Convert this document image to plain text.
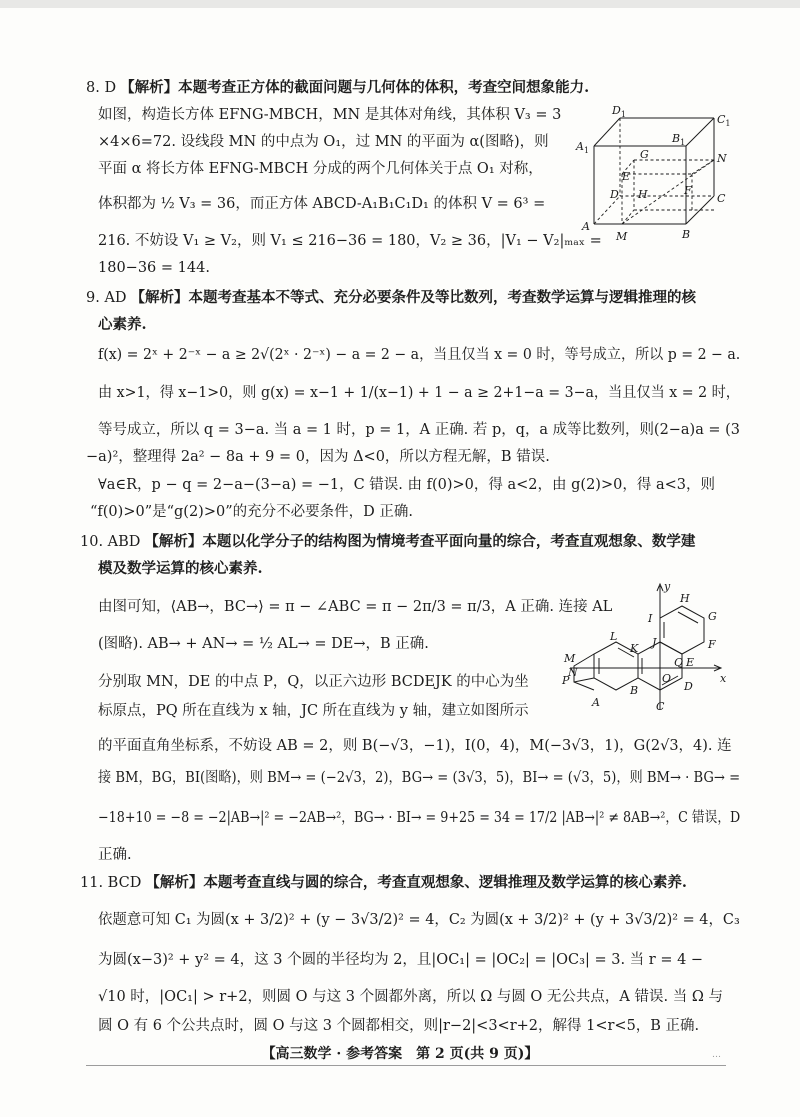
8. D 【解析】本题考查正方体的截面问题与几何体的体积，考查空间想象能力.
如图，构造长方体 EFNG-MBCH，MN 是其体对角线，其体积 V₃ = 3
×4×6=72. 设线段 MN 的中点为 O₁，过 MN 的平面为 α(图略)，则
平面 α 将长方体 EFNG-MBCH 分成的两个几何体关于点 O₁ 对称，
体积都为 ½ V₃ = 36，而正方体 ABCD-A₁B₁C₁D₁ 的体积 V = 6³ =
216. 不妨设 V₁ ≥ V₂，则 V₁ ≤ 216−36 = 180，V₂ ≥ 36，|V₁ − V₂|ₘₐₓ =
180−36 = 144.
9. AD 【解析】本题考查基本不等式、充分必要条件及等比数列，考查数学运算与逻辑推理的核
心素养.
f(x) = 2ˣ + 2⁻ˣ − a ≥ 2√(2ˣ · 2⁻ˣ) − a = 2 − a，当且仅当 x = 0 时，等号成立，所以 p = 2 − a.
由 x>1，得 x−1>0，则 g(x) = x−1 + 1/(x−1) + 1 − a ≥ 2+1−a = 3−a，当且仅当 x = 2 时，
等号成立，所以 q = 3−a. 当 a = 1 时，p = 1，A 正确. 若 p，q，a 成等比数列，则(2−a)a = (3
−a)²，整理得 2a² − 8a + 9 = 0，因为 Δ<0，所以方程无解，B 错误.
∀a∈R，p − q = 2−a−(3−a) = −1，C 错误. 由 f(0)>0，得 a<2，由 g(2)>0，得 a<3，则
“f(0)>0”是“g(2)>0”的充分不必要条件，D 正确.
10. ABD 【解析】本题以化学分子的结构图为情境考查平面向量的综合，考查直观想象、数学建
模及数学运算的核心素养.
由图可知，⟨AB→，BC→⟩ = π − ∠ABC = π − 2π/3 = π/3，A 正确. 连接 AL
(图略). AB→ + AN→ = ½ AL→ = DE→，B 正确.
分别取 MN，DE 的中点 P，Q，以正六边形 BCDEJK 的中心为坐
标原点，PQ 所在直线为 x 轴，JC 所在直线为 y 轴，建立如图所示
的平面直角坐标系，不妨设 AB = 2，则 B(−√3，−1)，I(0，4)，M(−3√3，1)，G(2√3，4). 连
接 BM，BG，BI(图略)，则 BM→ = (−2√3，2)，BG→ = (3√3，5)，BI→ = (√3，5)，则 BM→ · BG→ =
−18+10 = −8 = −2|AB→|² = −2AB→²，BG→ · BI→ = 9+25 = 34 = 17/2 |AB→|² ≠ 8AB→²，C 错误，D
正确.
11. BCD 【解析】本题考查直线与圆的综合，考查直观想象、逻辑推理及数学运算的核心素养.
依题意可知 C₁ 为圆(x + 3/2)² + (y − 3√3/2)² = 4，C₂ 为圆(x + 3/2)² + (y + 3√3/2)² = 4，C₃
为圆(x−3)² + y² = 4，这 3 个圆的半径均为 2，且|OC₁| = |OC₂| = |OC₃| = 3. 当 r = 4 −
√10 时，|OC₁| > r+2，则圆 O 与这 3 个圆都外离，所以 Ω 与圆 O 无公共点，A 错误. 当 Ω 与
圆 O 有 6 个公共点时，圆 O 与这 3 个圆都相交，则|r−2|<3<r+2，解得 1<r<5，B 正确.
$D_1$	$C_1$
$A_1$
$B_1$
G	N
E
D H	F
C
A
M	B
y
x
H
G
I
L	J	F
M
K
Q E
N	O
P	D
A
B
C
【高三数学 · 参考答案　第 2 页(共 9 页)】	…
